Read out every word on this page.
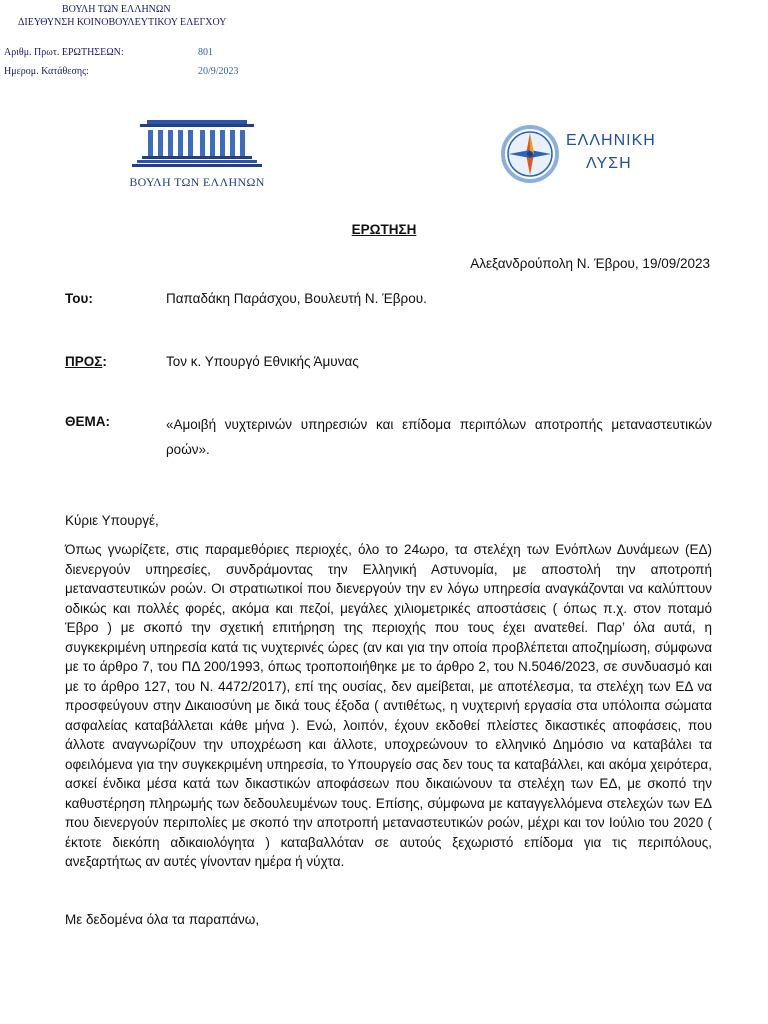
ΒΟΥΛΗ ΤΩΝ ΕΛΛΗΝΩΝ
ΔΙΕΥΘΥΝΣΗ ΚΟΙΝΟΒΟΥΛΕΥΤΙΚΟΥ ΕΛΕΓΧΟΥ
Αριθμ. Πρωτ. ΕΡΩΤΗΣΕΩΝ:	801
Ημερομ. Κατάθεσης:	20/9/2023
ΒΟΥΛΗ ΤΩΝ ΕΛΛΗΝΩΝ
ΕΛΛΗΝΙΚΗ
ΛΥΣΗ
ΕΡΩΤΗΣΗ
Αλεξανδρούπολη Ν. Έβρου, 19/09/2023
Του:	Παπαδάκη Παράσχου, Βουλευτή Ν. Έβρου.
ΠΡΟΣ:	Τον κ. Υπουργό Εθνικής Άμυνας
ΘΕΜΑ:	«Αμοιβή νυχτερινών υπηρεσιών και επίδομα περιπόλων αποτροπής μεταναστευτικών ροών».
Κύριε Υπουργέ,

Όπως γνωρίζετε, στις παραμεθόριες περιοχές, όλο το 24ωρο, τα στελέχη των Ενόπλων Δυνάμεων (ΕΔ) διενεργούν υπηρεσίες, συνδράμοντας την Ελληνική Αστυνομία, με αποστολή την αποτροπή μεταναστευτικών ροών. Οι στρατιωτικοί που διενεργούν την εν λόγω υπηρεσία αναγκάζονται να καλύπτουν οδικώς και πολλές φορές, ακόμα και πεζοί, μεγάλες χιλιομετρικές αποστάσεις ( όπως π.χ. στον ποταμό Έβρο ) με σκοπό την σχετική επιτήρηση της περιοχής που τους έχει ανατεθεί. Παρ’ όλα αυτά, η συγκεκριμένη υπηρεσία κατά τις νυχτερινές ώρες (αν και για την οποία προβλέπεται αποζημίωση, σύμφωνα με το άρθρο 7, του ΠΔ 200/1993, όπως τροποποιήθηκε με το άρθρο 2, του Ν.5046/2023, σε συνδυασμό και με το άρθρο 127, του Ν. 4472/2017), επί της ουσίας, δεν αμείβεται, με αποτέλεσμα, τα στελέχη των ΕΔ να προσφεύγουν στην Δικαιοσύνη με δικά τους έξοδα ( αντιθέτως, η νυχτερινή εργασία στα υπόλοιπα σώματα ασφαλείας καταβάλλεται κάθε μήνα ). Ενώ, λοιπόν, έχουν εκδοθεί πλείστες δικαστικές αποφάσεις, που άλλοτε αναγνωρίζουν την υποχρέωση και άλλοτε, υποχρεώνουν το ελληνικό Δημόσιο να καταβάλει τα οφειλόμενα για την συγκεκριμένη υπηρεσία, το Υπουργείο σας δεν τους τα καταβάλλει, και ακόμα χειρότερα, ασκεί ένδικα μέσα κατά των δικαστικών αποφάσεων που δικαιώνουν τα στελέχη των ΕΔ, με σκοπό την καθυστέρηση πληρωμής των δεδουλευμένων τους. Επίσης, σύμφωνα με καταγγελλόμενα στελεχών των ΕΔ που διενεργούν περιπολίες με σκοπό την αποτροπή μεταναστευτικών ροών, μέχρι και τον Ιούλιο του 2020 ( έκτοτε διεκόπη αδικαιολόγητα ) καταβαλλόταν σε αυτούς ξεχωριστό επίδομα για τις περιπόλους, ανεξαρτήτως αν αυτές γίνονταν ημέρα ή νύχτα.

Με δεδομένα όλα τα παραπάνω,
